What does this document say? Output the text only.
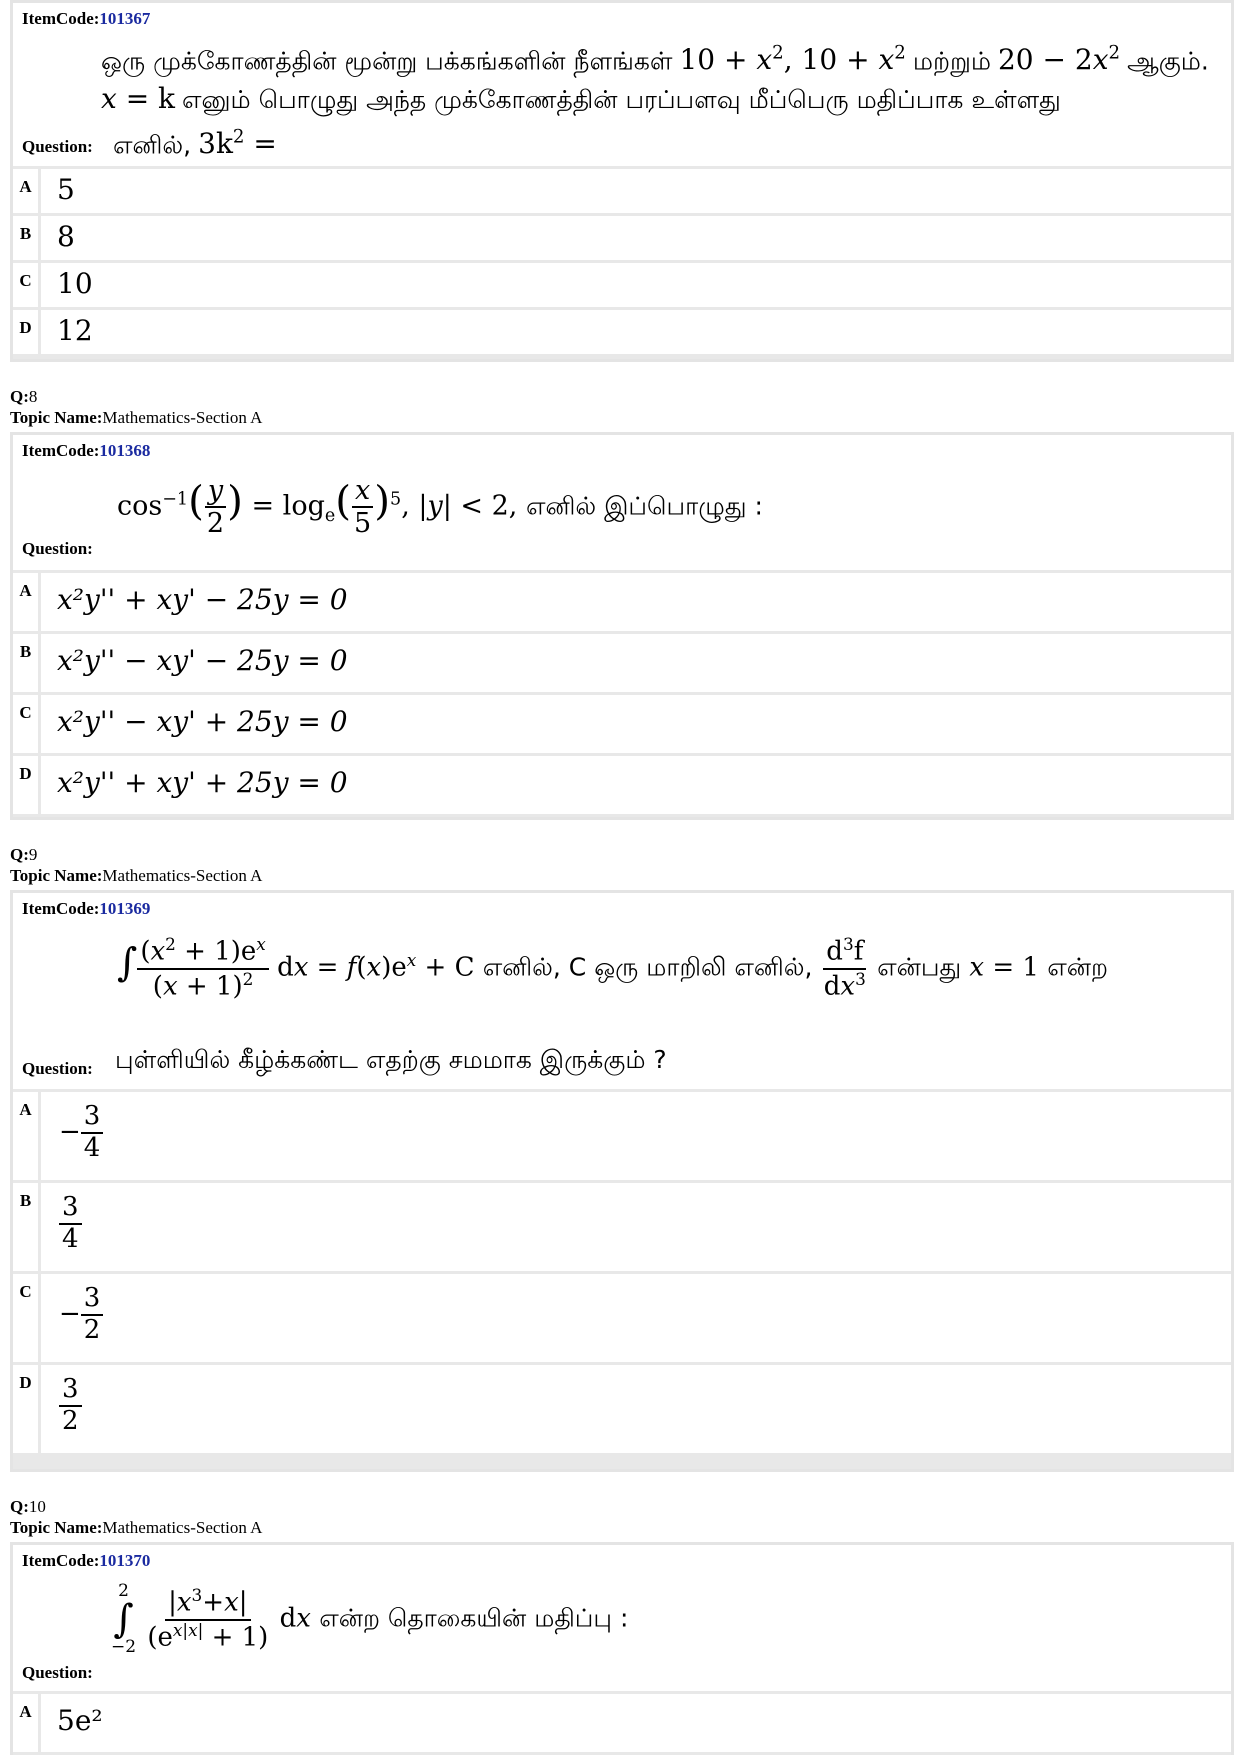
ItemCode:101367
ஒரு முக்கோணத்தின் மூன்று பக்கங்களின் நீளங்கள் $10 + x^2$, $10 + x^2$ மற்றும் $20 - 2x^2$ ஆகும்.
x = k எனும் பொழுது அந்த முக்கோணத்தின் பரப்பளவு மீப்பெரு மதிப்பாக உள்ளது
Question: எனில், $3k^2$ =
A 5
B 8
C 10
D 12
Q:8
Topic Name:Mathematics-Section A
ItemCode:101368
$\cos^{-1}( \frac{y}{2}$ ) = $\log_e( \frac{x}{5} )^5$, |y| < 2, எனில் இப்பொழுது :
Question:
A x²y'' + xy' − 25y = 0
B x²y'' − xy' − 25y = 0
C x²y'' − xy' + 25y = 0
D x²y'' + xy' + 25y = 0
Q:9
Topic Name:Mathematics-Section A
ItemCode:101369
∫ $\frac{(x^2 + 1)e^x}{(x + 1)^2}$ dx = $f(x)e^x + C$ எனில், C ஒரு மாறிலி எனில், $\frac{d^3f}{dx^3}$ என்பது x = 1 என்ற
Question: புள்ளியில் கீழ்க்கண்ட எதற்கு சமமாக இருக்கும் ?
A
− $\frac{3}{4}$
B	$\frac{3}{4}$
C
− $\frac{3}{2}$
D	$\frac{3}{2}$
Q:10
Topic Name:Mathematics-Section A
ItemCode:101370
2
∫
−2
$\frac{|x^3+x|}{(e^{x|x|} + 1)}$ dx என்ற தொகையின் மதிப்பு :
Question:
A 5e²
